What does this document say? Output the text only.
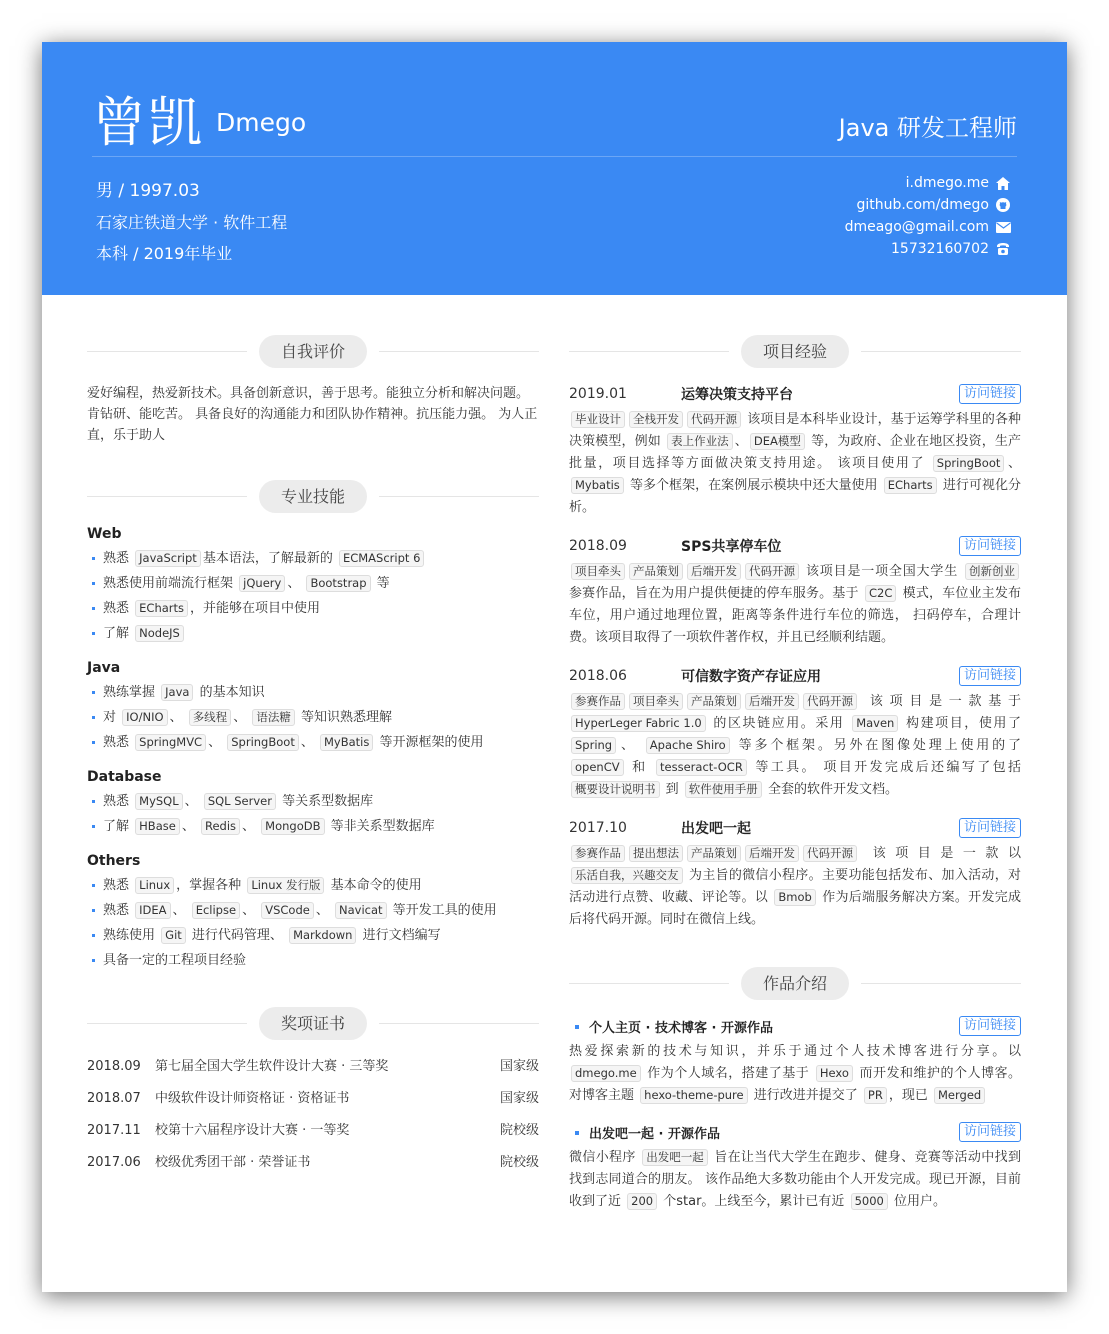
曾凯 Dmego	Java 研发工程师
男 / 1997.03
石家庄铁道大学 · 软件工程
本科 / 2019年毕业
i.dmego.me
github.com/dmego
dmeago@gmail.com
15732160702
自我评价
爱好编程，热爱新技术。具备创新意识，善于思考。能独立分析和解决问题。肯钻研、能吃苦。 具备良好的沟通能力和团队协作精神。抗压能力强。 为人正直，乐于助人
专业技能
Web
熟悉 JavaScript 基本语法，了解最新的 ECMAScript 6
熟悉使用前端流行框架 jQuery 、 Bootstrap 等
熟悉 ECharts ，并能够在项目中使用
了解 NodeJS
Java
熟练掌握 Java 的基本知识
对 IO/NIO 、 多线程 、 语法糖 等知识熟悉理解
熟悉 SpringMVC 、 SpringBoot 、 MyBatis 等开源框架的使用
Database
熟悉 MySQL 、 SQL Server 等关系型数据库
了解 HBase 、 Redis 、 MongoDB 等非关系型数据库
Others
熟悉 Linux ，掌握各种 Linux 发行版 基本命令的使用
熟悉 IDEA 、 Eclipse 、 VSCode 、 Navicat 等开发工具的使用
熟练使用 Git 进行代码管理、 Markdown 进行文档编写
具备一定的工程项目经验
奖项证书
2018.09	第七届全国大学生软件设计大赛 · 三等奖	国家级
2018.07	中级软件设计师资格证 · 资格证书	国家级
2017.11	校第十六届程序设计大赛 · 一等奖	院校级
2017.06	校级优秀团干部 · 荣誉证书	院校级
项目经验
2019.01	运筹决策支持平台	访问链接
毕业设计 全栈开发 代码开源 该项目是本科毕业设计，基于运筹学科里的各种决策模型，例如 表上作业法 、 DEA模型 等，为政府、企业在地区投资，生产批量，项目选择等方面做决策支持用途。 该项目使用了 SpringBoot 、 Mybatis 等多个框架，在案例展示模块中还大量使用 ECharts 进行可视化分析。
2018.09	SPS共享停车位	访问链接
项目牵头 产品策划 后端开发 代码开源 该项目是一项全国大学生 创新创业 参赛作品，旨在为用户提供便捷的停车服务。基于 C2C 模式，车位业主发布车位，用户通过地理位置，距离等条件进行车位的筛选， 扫码停车，合理计费。该项目取得了一项软件著作权，并且已经顺利结题。
2018.06	可信数字资产存证应用	访问链接
参赛作品 项目牵头 产品策划 后端开发 代码开源 该项目是一款基于 HyperLeger Fabric 1.0 的区块链应用。采用 Maven 构建项目，使用了 Spring 、 Apache Shiro 等多个框架。另外在图像处理上使用的了 openCV 和 tesseract-OCR 等工具。 项目开发完成后还编写了包括 概要设计说明书 到 软件使用手册 全套的软件开发文档。
2017.10	出发吧一起	访问链接
参赛作品 提出想法 产品策划 后端开发 代码开源 该项目是一款以 乐活自我，兴趣交友 为主旨的微信小程序。主要功能包括发布、加入活动，对活动进行点赞、收藏、评论等。以 Bmob 作为后端服务解决方案。开发完成后将代码开源。同时在微信上线。
作品介绍
个人主页 · 技术博客 · 开源作品	访问链接
热爱探索新的技术与知识，并乐于通过个人技术博客进行分享。以 dmego.me 作为个人域名，搭建了基于 Hexo 而开发和维护的个人博客。对博客主题 hexo-theme-pure 进行改进并提交了 PR ，现已 Merged
出发吧一起 · 开源作品	访问链接
微信小程序 出发吧一起 旨在让当代大学生在跑步、健身、竞赛等活动中找到找到志同道合的朋友。 该作品绝大多数功能由个人开发完成。现已开源，目前收到了近 200 个star。上线至今，累计已有近 5000 位用户。
